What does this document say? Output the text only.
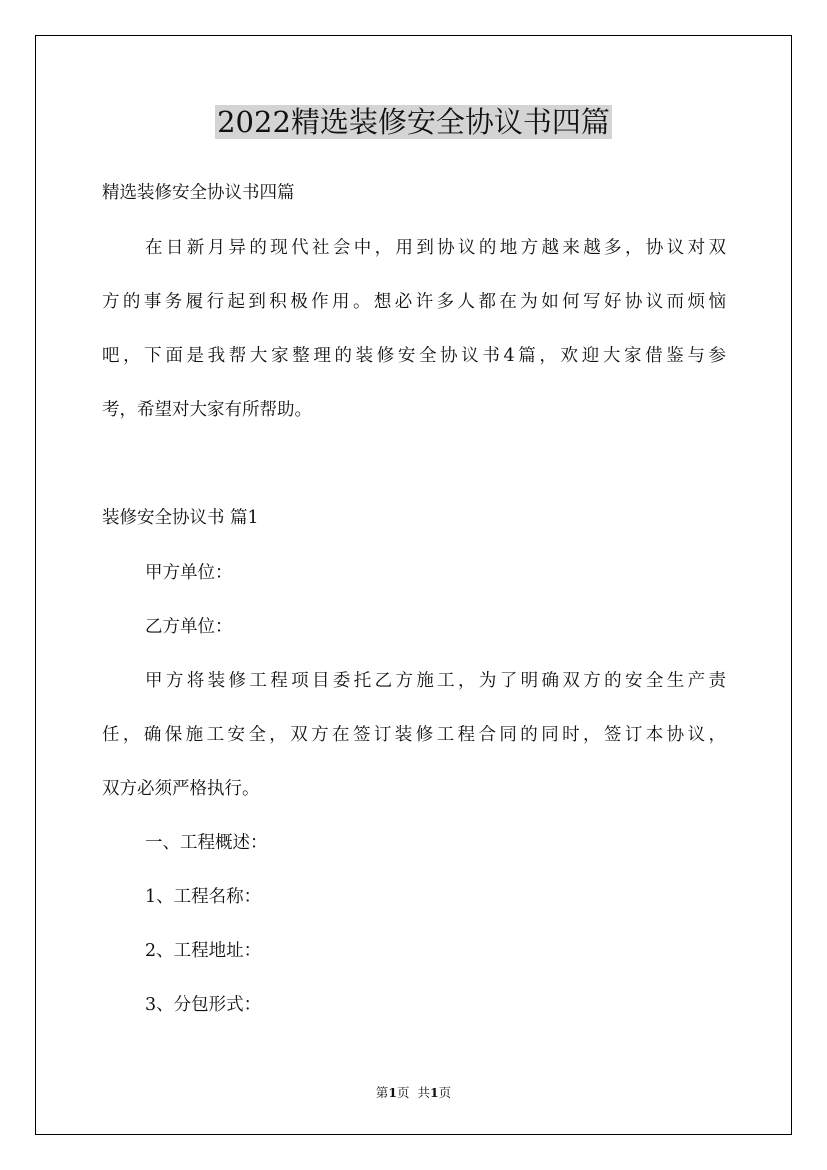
2022精选装修安全协议书四篇
精选装修安全协议书四篇
在日新月异的现代社会中，用到协议的地方越来越多，协议对双
方的事务履行起到积极作用。想必许多人都在为如何写好协议而烦恼
吧，下面是我帮大家整理的装修安全协议书4篇，欢迎大家借鉴与参
考，希望对大家有所帮助。
装修安全协议书 篇1
甲方单位：
乙方单位：
甲方将装修工程项目委托乙方施工，为了明确双方的安全生产责
任，确保施工安全，双方在签订装修工程合同的同时，签订本协议，
双方必须严格执行。
一、工程概述：
1、工程名称：
2、工程地址：
3、分包形式：
第1页  共1页
